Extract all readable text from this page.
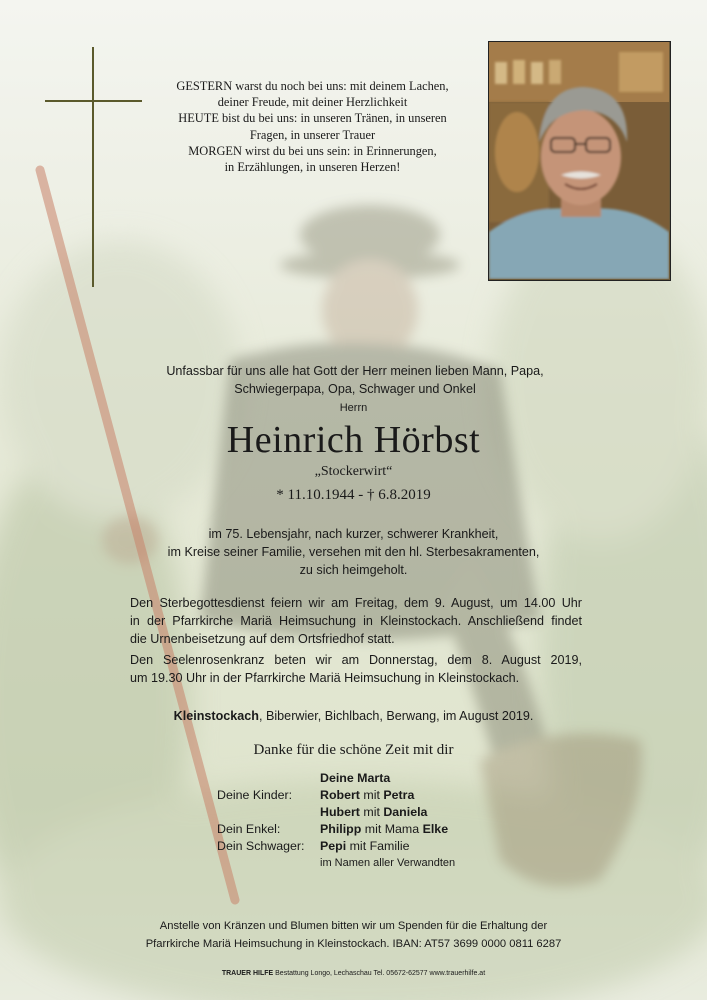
GESTERN warst du noch bei uns: mit deinem Lachen,
deiner Freude, mit deiner Herzlichkeit
HEUTE bist du bei uns: in unseren Tränen, in unseren
Fragen, in unserer Trauer
MORGEN wirst du bei uns sein: in Erinnerungen,
in Erzählungen, in unseren Herzen!
Unfassbar für uns alle hat Gott der Herr meinen lieben Mann, Papa,
Schwiegerpapa, Opa, Schwager und Onkel
Herrn
Heinrich Hörbst
„Stockerwirt“
* 11.10.1944 - † 6.8.2019
im 75. Lebensjahr, nach kurzer, schwerer Krankheit,
im Kreise seiner Familie, versehen mit den hl. Sterbesakramenten,
zu sich heimgeholt.
Den Sterbegottesdienst feiern wir am Freitag, dem 9. August, um 14.00 Uhr
in der Pfarrkirche Mariä Heimsuchung in Kleinstockach. Anschließend findet
die Urnenbeisetzung auf dem Ortsfriedhof statt.
Den Seelenrosenkranz beten wir am Donnerstag, dem 8. August 2019,
um 19.30 Uhr in der Pfarrkirche Mariä Heimsuchung in Kleinstockach.
Kleinstockach, Biberwier, Bichlbach, Berwang, im August 2019.
Danke für die schöne Zeit mit dir
Deine Marta
Deine Kinder: Robert mit Petra
Hubert mit Daniela
Dein Enkel:	Philipp mit Mama Elke
Dein Schwager: Pepi mit Familie
im Namen aller Verwandten
Anstelle von Kränzen und Blumen bitten wir um Spenden für die Erhaltung der
Pfarrkirche Mariä Heimsuchung in Kleinstockach. IBAN: AT57 3699 0000 0811 6287
TRAUER HILFE Bestattung Longo, Lechaschau Tel. 05672-62577 www.trauerhilfe.at
